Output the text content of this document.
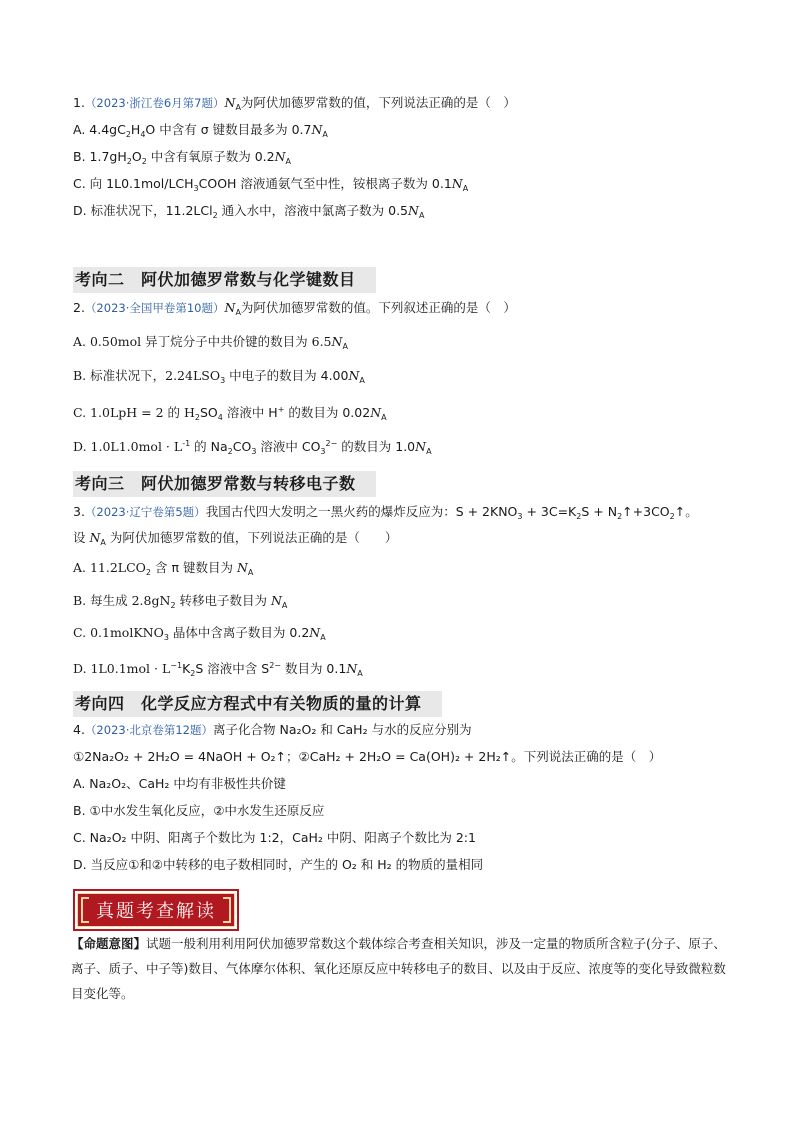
1.（2023·浙江卷6月第7题）$N_A$为阿伏加德罗常数的值，下列说法正确的是（　）
A. $4.4gC_2H_4O$ 中含有 σ 键数目最多为 $0.7N_A$
B. $1.7gH_2O_2$ 中含有氧原子数为 $0.2N_A$
C. 向 $1L0.1mol/LCH_3COOH$ 溶液通氨气至中性，铵根离子数为 $0.1N_A$
D. 标准状况下，11.2LCl$_2$ 通入水中，溶液中氯离子数为 $0.5N_A$
考向二　阿伏加德罗常数与化学键数目
2.（2023·全国甲卷第10题）$N_A$为阿伏加德罗常数的值。下列叙述正确的是（　）
A. 0.50mol 异丁烷分子中共价键的数目为 $6.5N_A$
B. 标准状况下，$2.24LSO_3$ 中电子的数目为 $4.00N_A$
C. 1.0LpH = 2 的 $H_2SO_4$ 溶液中 H+ 的数目为 $0.02N_A$
D. $1.0L1.0mol \cdot L^{-1}$ 的 $Na_2CO_3$ 溶液中 $CO_3^{2-}$ 的数目为 $1.0N_A$
考向三　阿伏加德罗常数与转移电子数
3.（2023·辽宁卷第5题）我国古代四大发明之一黑火药的爆炸反应为：$S + 2KNO_3 + 3C=K_2S$ + $N_2↑+3CO_2↑$。
设 $N_A$ 为阿伏加德罗常数的值，下列说法正确的是（　　）
A. $11.2LCO_2$ 含 π 键数目为 $N_A$
B. 每生成 $2.8gN_2$ 转移电子数目为 $N_A$
C. 0.1molKNO$_3$ 晶体中含离子数目为 $0.2N_A$
D. $1L0.1mol \cdot L^{-1}K_2S$ 溶液中含 $S^{2-}$ 数目为 $0.1N_A$
考向四　化学反应方程式中有关物质的量的计算
4.（2023·北京卷第12题）离子化合物 Na₂O₂ 和 CaH₂ 与水的反应分别为
①2Na₂O₂ + 2H₂O = 4NaOH + O₂↑；②CaH₂ + 2H₂O = Ca(OH)₂ + 2H₂↑。下列说法正确的是（　）
A. Na₂O₂、CaH₂ 中均有非极性共价键
B. ①中水发生氧化反应，②中水发生还原反应
C. Na₂O₂ 中阴、阳离子个数比为 1:2，CaH₂ 中阴、阳离子个数比为 2:1
D. 当反应①和②中转移的电子数相同时，产生的 O₂ 和 H₂ 的物质的量相同
真题考查解读
【命题意图】试题一般利用利用阿伏加德罗常数这个载体综合考查相关知识，涉及一定量的物质所含粒子(分子、原子、离子、质子、中子等)数目、气体摩尔体积、氧化还原反应中转移电子的数目、以及由于反应、浓度等的变化导致微粒数目变化等。
